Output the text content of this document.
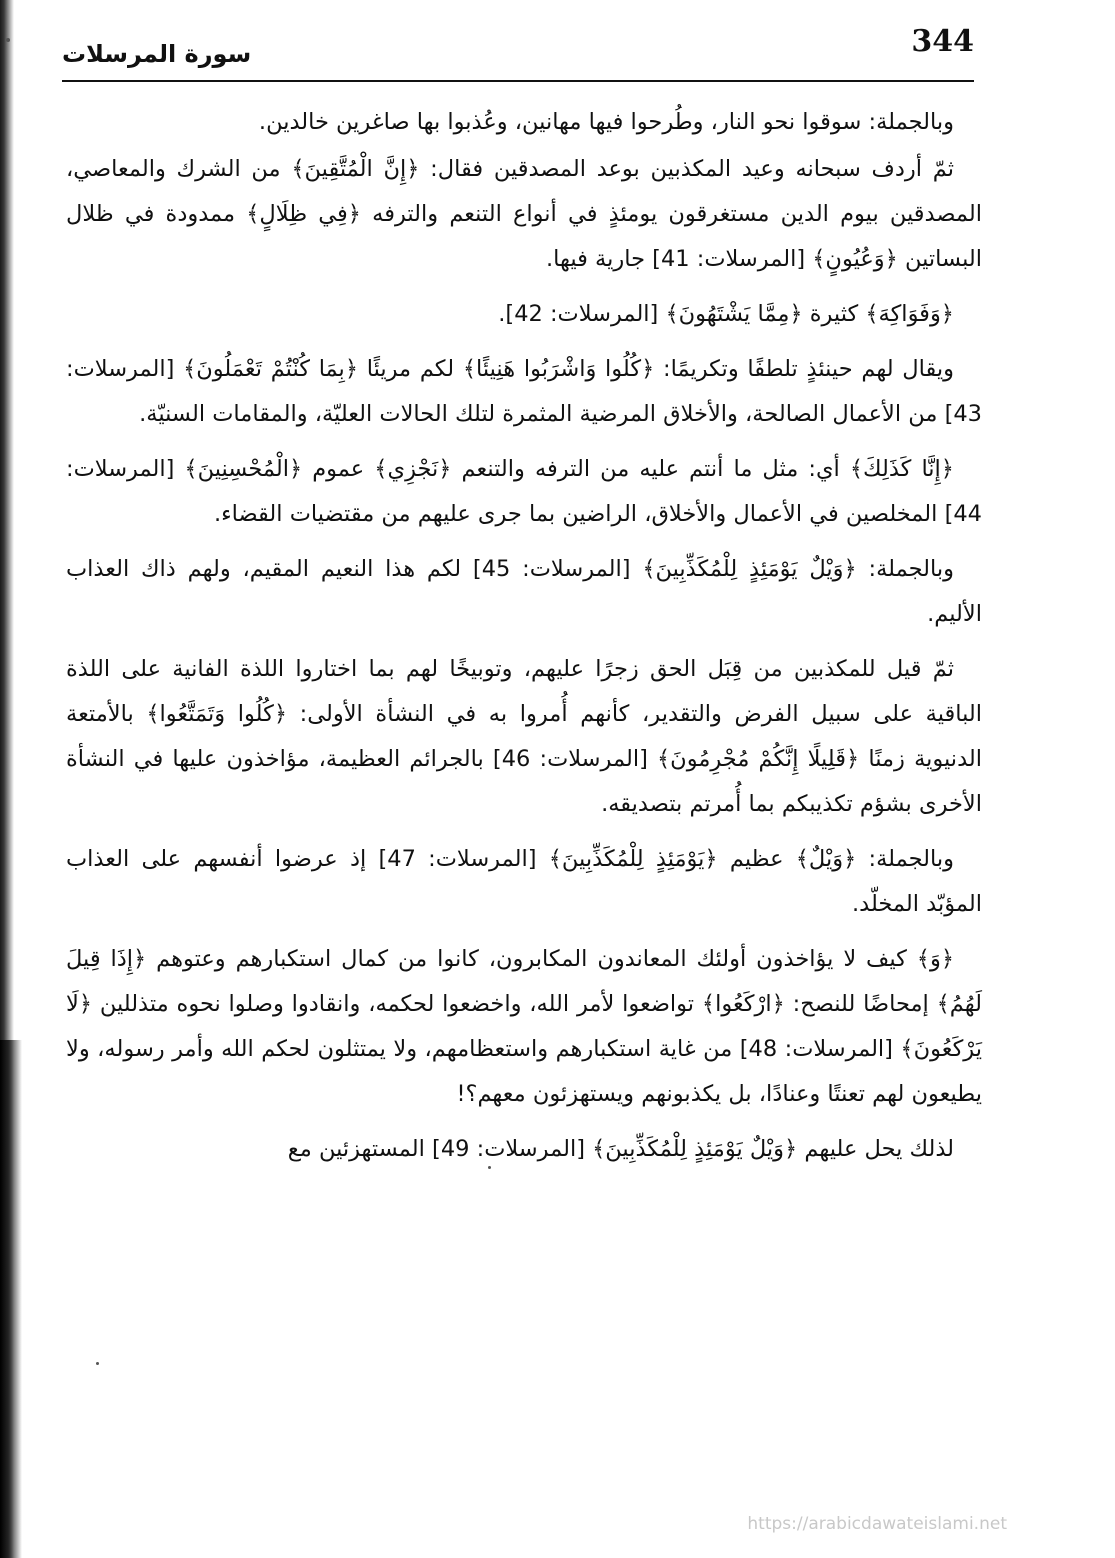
344
سورة المرسلات

وبالجملة: سوقوا نحو النار، وطُرحوا فيها مهانين، وعُذبوا بها صاغرين خالدين.

ثمّ أردف سبحانه وعيد المكذبين بوعد المصدقين فقال: ﴿إِنَّ الْمُتَّقِينَ﴾ من الشرك والمعاصي، المصدقين بيوم الدين مستغرقون يومئذٍ في أنواع التنعم والترفه ﴿فِي ظِلَالٍ﴾ ممدودة في ظلال البساتين ﴿وَعُيُونٍ﴾ [المرسلات: 41] جارية فيها.

﴿وَفَوَاكِهَ﴾ كثيرة ﴿مِمَّا يَشْتَهُونَ﴾ [المرسلات: 42].

ويقال لهم حينئذٍ تلطفًا وتكريمًا: ﴿كُلُوا وَاشْرَبُوا هَنِيئًا﴾ لكم مريئًا ﴿بِمَا كُنْتُمْ تَعْمَلُونَ﴾ [المرسلات: 43] من الأعمال الصالحة، والأخلاق المرضية المثمرة لتلك الحالات العليّة، والمقامات السنيّة.

﴿إِنَّا كَذَلِكَ﴾ أي: مثل ما أنتم عليه من الترفه والتنعم ﴿نَجْزِي﴾ عموم ﴿الْمُحْسِنِينَ﴾ [المرسلات: 44] المخلصين في الأعمال والأخلاق، الراضين بما جرى عليهم من مقتضيات القضاء.

وبالجملة: ﴿وَيْلٌ يَوْمَئِذٍ لِلْمُكَذِّبِينَ﴾ [المرسلات: 45] لكم هذا النعيم المقيم، ولهم ذاك العذاب الأليم.

ثمّ قيل للمكذبين من قِبَل الحق زجرًا عليهم، وتوبيخًا لهم بما اختاروا اللذة الفانية على اللذة الباقية على سبيل الفرض والتقدير، كأنهم أُمروا به في النشأة الأولى: ﴿كُلُوا وَتَمَتَّعُوا﴾ بالأمتعة الدنيوية زمنًا ﴿قَلِيلًا إِنَّكُمْ مُجْرِمُونَ﴾ [المرسلات: 46] بالجرائم العظيمة، مؤاخذون عليها في النشأة الأخرى بشؤم تكذيبكم بما أُمرتم بتصديقه.

وبالجملة: ﴿وَيْلٌ﴾ عظيم ﴿يَوْمَئِذٍ لِلْمُكَذِّبِينَ﴾ [المرسلات: 47] إذ عرضوا أنفسهم على العذاب المؤبّد المخلّد.

﴿وَ﴾ كيف لا يؤاخذون أولئك المعاندون المكابرون، كانوا من كمال استكبارهم وعتوهم ﴿إِذَا قِيلَ لَهُمُ﴾ إمحاضًا للنصح: ﴿ارْكَعُوا﴾ تواضعوا لأمر الله، واخضعوا لحكمه، وانقادوا وصلوا نحوه متذللين ﴿لَا يَرْكَعُونَ﴾ [المرسلات: 48] من غاية استكبارهم واستعظامهم، ولا يمتثلون لحكم الله وأمر رسوله، ولا يطيعون لهم تعنتًا وعنادًا، بل يكذبونهم ويستهزئون معهم؟!

لذلك يحل عليهم ﴿وَيْلٌ يَوْمَئِذٍ لِلْمُكَذِّبِينَ﴾ [المرسلات: 49] المستهزئين مع

https://arabicdawateislami.net
